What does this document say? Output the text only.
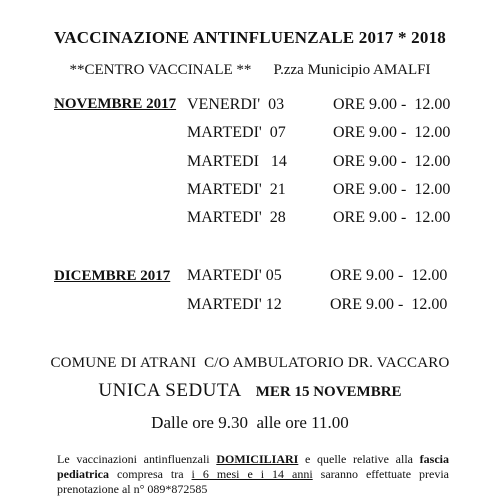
VACCINAZIONE ANTINFLUENZALE 2017 * 2018
**CENTRO VACCINALE ** P.zza Municipio AMALFI
NOVEMBRE 2017 VENERDI'  03	ORE 9.00 -  12.00
MARTEDI'  07	ORE 9.00 -  12.00
MARTEDI   14	ORE 9.00 -  12.00
MARTEDI'  21	ORE 9.00 -  12.00
MARTEDI'  28	ORE 9.00 -  12.00
DICEMBRE 2017 MARTEDI' 05	ORE 9.00 -  12.00
MARTEDI' 12	ORE 9.00 -  12.00
COMUNE DI ATRANI  C/O AMBULATORIO DR. VACCARO
UNICA SEDUTA MER 15 NOVEMBRE
Dalle ore 9.30  alle ore 11.00
Le vaccinazioni antinfluenzali DOMICILIARI e quelle relative alla fascia pediatrica compresa tra i 6 mesi e i 14 anni saranno effettuate previa prenotazione al n° 089*872585
